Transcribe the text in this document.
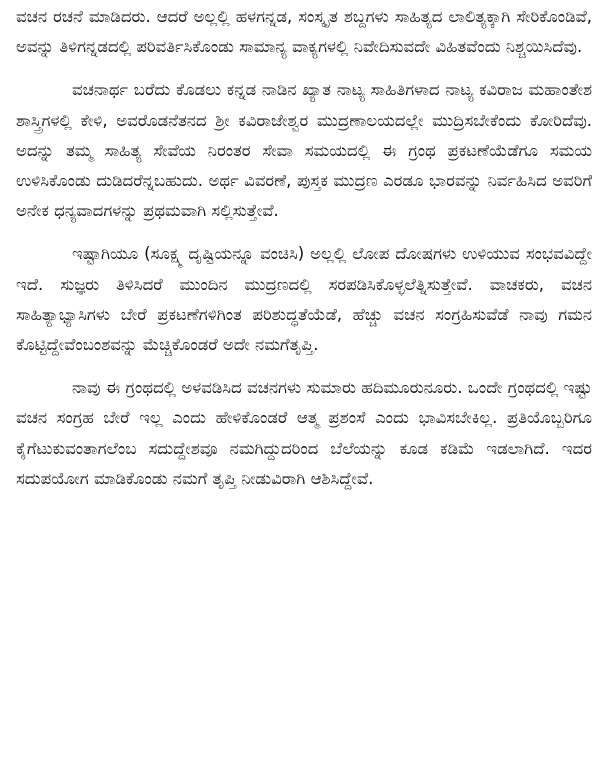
ವಚನ ರಚನೆ ಮಾಡಿದರು. ಆದರೆ ಅಲ್ಲಲ್ಲಿ ಹಳಗನ್ನಡ, ಸಂಸ್ಕೃತ ಶಬ್ದಗಳು ಸಾಹಿತ್ಯದ ಲಾಲಿತ್ಯಕ್ಕಾಗಿ ಸೇರಿಕೊಂಡಿವೆ, ಅವನ್ನು ತಿಳಿಗನ್ನಡದಲ್ಲಿ ಪರಿವರ್ತಿಸಿಕೊಂಡು ಸಾಮಾನ್ಯ ವಾಕ್ಯಗಳಲ್ಲಿ ನಿವೇದಿಸುವದೇ ವಿಹಿತವೆಂದು ನಿಶ್ಚಯಿಸಿದೆವು.

ವಚನಾರ್ಥ ಬರೆದು ಕೊಡಲು ಕನ್ನಡ ನಾಡಿನ ಖ್ಯಾತ ನಾಟ್ಯ ಸಾಹಿತಿಗಳಾದ ನಾಟ್ಯ ಕವಿರಾಜ ಮಹಾಂತೇಶ ಶಾಸ್ತ್ರಿಗಳಲ್ಲಿ ಕೇಳಿ, ಅವರೊಡನೆತನದ ಶ್ರೀ ಕವಿರಾಜೇಶ್ವರ ಮುದ್ರಣಾಲಯದಲ್ಲೇ ಮುದ್ರಿಸಬೇಕೆಂದು ಕೋರಿದೆವು. ಅದನ್ನು ತಮ್ಮ ಸಾಹಿತ್ಯ ಸೇವೆಯ ನಿರಂತರ ಸೇವಾ ಸಮಯದಲ್ಲಿ ಈ ಗ್ರಂಥ ಪ್ರಕಟಣೆಯೆಡೆಗೂ ಸಮಯ ಉಳಿಸಿಕೊಂಡು ದುಡಿದರೆನ್ನಬಹುದು. ಅರ್ಥ ವಿವರಣೆ, ಪುಸ್ತಕ ಮುದ್ರಣ ಎರಡೂ ಭಾರವನ್ನು ನಿರ್ವಹಿಸಿದ ಅವರಿಗೆ ಅನೇಕ ಧನ್ಯವಾದಗಳನ್ನು ಪ್ರಥಮವಾಗಿ ಸಲ್ಲಿಸುತ್ತೇವೆ.

ಇಷ್ಟಾಗಿಯೂ (ಸೂಕ್ಷ್ಮ ದೃಷ್ಟಿಯನ್ನೂ ವಂಚಿಸಿ) ಅಲ್ಲಲ್ಲಿ ಲೋಪ ದೋಷಗಳು ಉಳಿಯುವ ಸಂಭವವಿದ್ದೇ ಇದೆ. ಸುಜ್ಞರು ತಿಳಿಸಿದರೆ ಮುಂದಿನ ಮುದ್ರಣದಲ್ಲಿ ಸರಪಡಿಸಿಕೊಳ್ಳಲೆತ್ನಿಸುತ್ತೇವೆ. ವಾಚಕರು, ವಚನ ಸಾಹಿತ್ಯಾಭ್ಯಾಸಿಗಳು ಬೇರೆ ಪ್ರಕಟಣೆಗಳಿಗಿಂತ ಪರಿಶುದ್ಧತೆಯೆಡೆ, ಹೆಚ್ಚು ವಚನ ಸಂಗ್ರಹಿಸುವೆಡೆ ನಾವು ಗಮನ ಕೊಟ್ಟಿದ್ದೇವೆಂಬಂಶವನ್ನು ಮೆಚ್ಚಿಕೊಂಡರೆ ಅದೇ ನಮಗೆತೃಪ್ತಿ.

ನಾವು ಈ ಗ್ರಂಥದಲ್ಲಿ ಅಳವಡಿಸಿದ ವಚನಗಳು ಸುಮಾರು ಹದಿಮೂರುನೂರು. ಒಂದೇ ಗ್ರಂಥದಲ್ಲಿ ಇಷ್ಟು ವಚನ ಸಂಗ್ರಹ ಬೇರೆ ಇಲ್ಲ ಎಂದು ಹೇಳಿಕೊಂಡರೆ ಆತ್ಮ ಪ್ರಶಂಸೆ ಎಂದು ಭಾವಿಸಬೇಕಿಲ್ಲ. ಪ್ರತಿಯೊಬ್ಬರಿಗೂ ಕೈಗೆಟುಕುವಂತಾಗಲೆಂಬ ಸದುದ್ದೇಶವೂ ನಮಗಿದ್ದುದರಿಂದ ಬೆಲೆಯನ್ನು ಕೂಡ ಕಡಿಮೆ ಇಡಲಾಗಿದೆ. ಇದರ ಸದುಪಯೋಗ ಮಾಡಿಕೊಂಡು ನಮಗೆ ತೃಪ್ತಿ ನೀಡುವಿರಾಗಿ ಆಶಿಸಿದ್ದೇವೆ.
